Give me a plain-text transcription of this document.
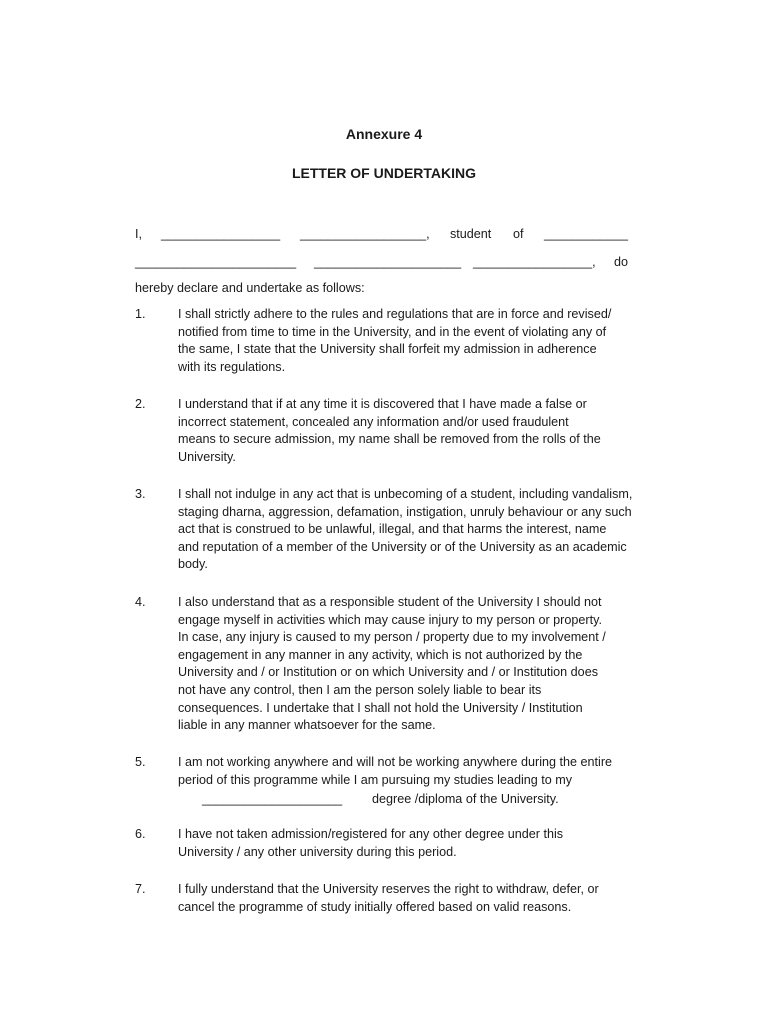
Annexure 4
LETTER OF UNDERTAKING
I, _________________ __________________, student of ____________
_______________________ _____________________ _________________, do
hereby declare and undertake as follows:
1.	I shall strictly adhere to the rules and regulations that are in force and revised/
notified from time to time in the University, and in the event of violating any of
the same, I state that the University shall forfeit my admission in adherence
with its regulations.
2.	I understand that if at any time it is discovered that I have made a false or
incorrect statement, concealed any information and/or used fraudulent
means to secure admission, my name shall be removed from the rolls of the
University.
3.	I shall not indulge in any act that is unbecoming of a student, including vandalism,
staging dharna, aggression, defamation, instigation, unruly behaviour or any such
act that is construed to be unlawful, illegal, and that harms the interest, name
and reputation of a member of the University or of the University as an academic
body.
4.	I also understand that as a responsible student of the University I should not
engage myself in activities which may cause injury to my person or property.
In case, any injury is caused to my person / property due to my involvement /
engagement in any manner in any activity, which is not authorized by the
University and / or Institution or on which University and / or Institution does
not have any control, then I am the person solely liable to bear its
consequences. I undertake that I shall not hold the University / Institution
liable in any manner whatsoever for the same.
5.	I am not working anywhere and will not be working anywhere during the entire
period of this programme while I am pursuing my studies leading to my
____________________ degree /diploma of the University.
6.	I have not taken admission/registered for any other degree under this
University / any other university during this period.
7.	I fully understand that the University reserves the right to withdraw, defer, or
cancel the programme of study initially offered based on valid reasons.
